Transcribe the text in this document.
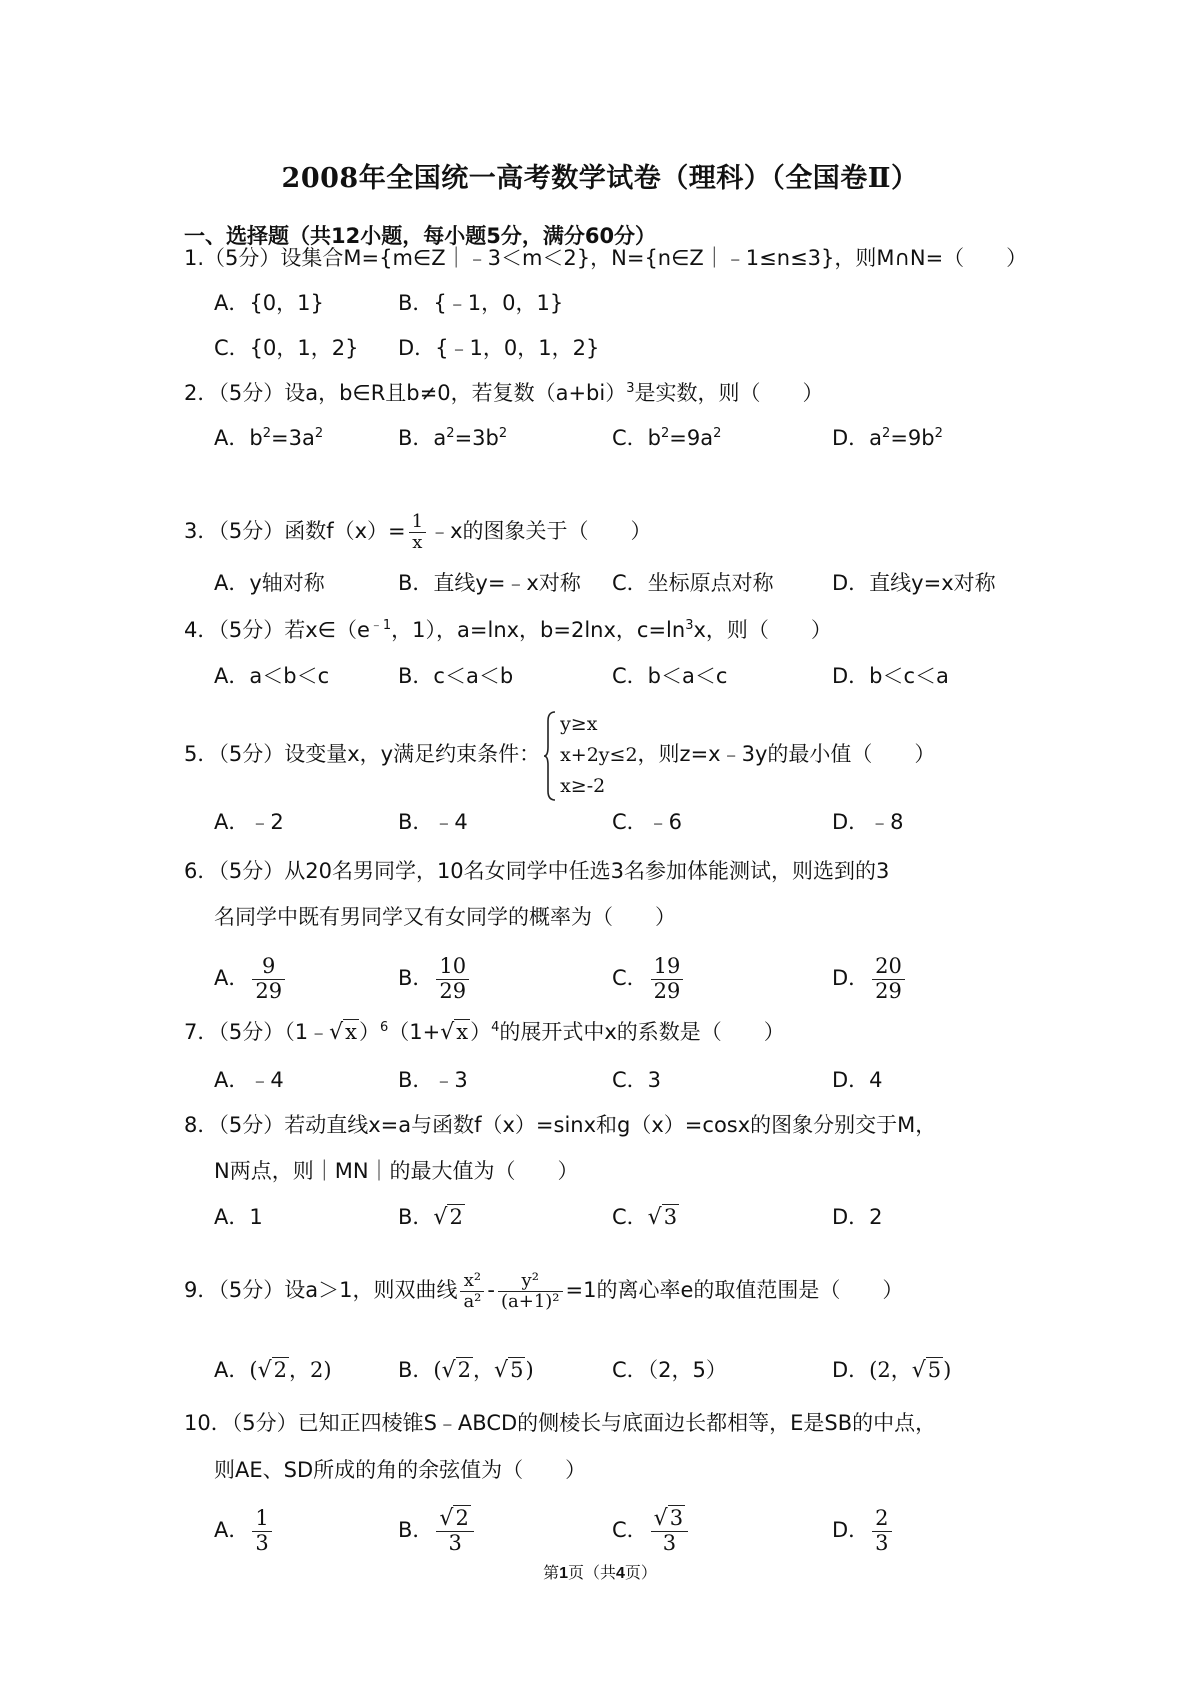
2008年全国统一高考数学试卷（理科）（全国卷Ⅱ）
一、选择题（共12小题，每小题5分，满分60分）
1.（5分）设集合M={m∈Z｜﹣3＜m＜2}，N={n∈Z｜﹣1≤n≤3}，则M∩N=（　　）
A．{0，1}	B．{﹣1，0，1}
C．{0，1，2} D．{﹣1，0，1，2}
2．（5分）设a，b∈R且b≠0，若复数$(a+bi)^3$是实数，则（　　）
A．$b^2=3a^2$	B．$a^2=3b^2$	C．$b^2=9a^2$	D．$a^2=9b^2$
3．（5分）函数$f(x)= \frac{1}{x}$ ﹣x的图象关于（　　）
A．y轴对称	B．直线y=﹣x对称 C．坐标原点对称	D．直线y=x对称
4．（5分）若$x\in(e^{﹣1}$，1），a=lnx，b=2lnx，$c=\ln^3x$，则（　　）
A．a＜b＜c	B．c＜a＜b	C．b＜a＜c	D．b＜c＜a
5．（5分）设变量x，y满足约束条件：
y≥x
x+2y≤2
x≥-2
，则z=x﹣3y的最小值（　　）
A．﹣2	B．﹣4	C．﹣6	D．﹣8
6．（5分）从20名男同学，10名女同学中任选3名参加体能测试，则选到的3
名同学中既有男同学又有女同学的概率为（　　）
A． $\frac{9}{29}$	B． $\frac{10}{29}$	C． $\frac{19}{29}$	D． $\frac{20}{29}$
7．（5分）$(1﹣√x)^6(1+√x)^4$的展开式中x的系数是（　　）
A．﹣4	B．﹣3	C．3	D．4
8．（5分）若动直线x=a与函数f（x）=sinx和g（x）=cosx的图象分别交于M，
N两点，则｜MN｜的最大值为（　　）
A．1	B．√2	C．√3	D．2
9．（5分）设a＞1，则双曲线 $\frac{\text{x²}}{\text{a²}} - \frac{\text{y²}}{\text{(a+1)²}} =1$的离心率e的取值范围是（　　）
A．(√2，2)	B．(√2，√5)	C．（2，5）	D．(2，√5)
10．（5分）已知正四棱锥S﹣ABCD的侧棱长与底面边长都相等，E是SB的中点，
则AE、SD所成的角的余弦值为（　　）
A． $\frac{1}{3}$	B． $\frac{√2}{3}$	C． $\frac{√3}{3}$	D． $\frac{2}{3}$
第1页（共4页）
